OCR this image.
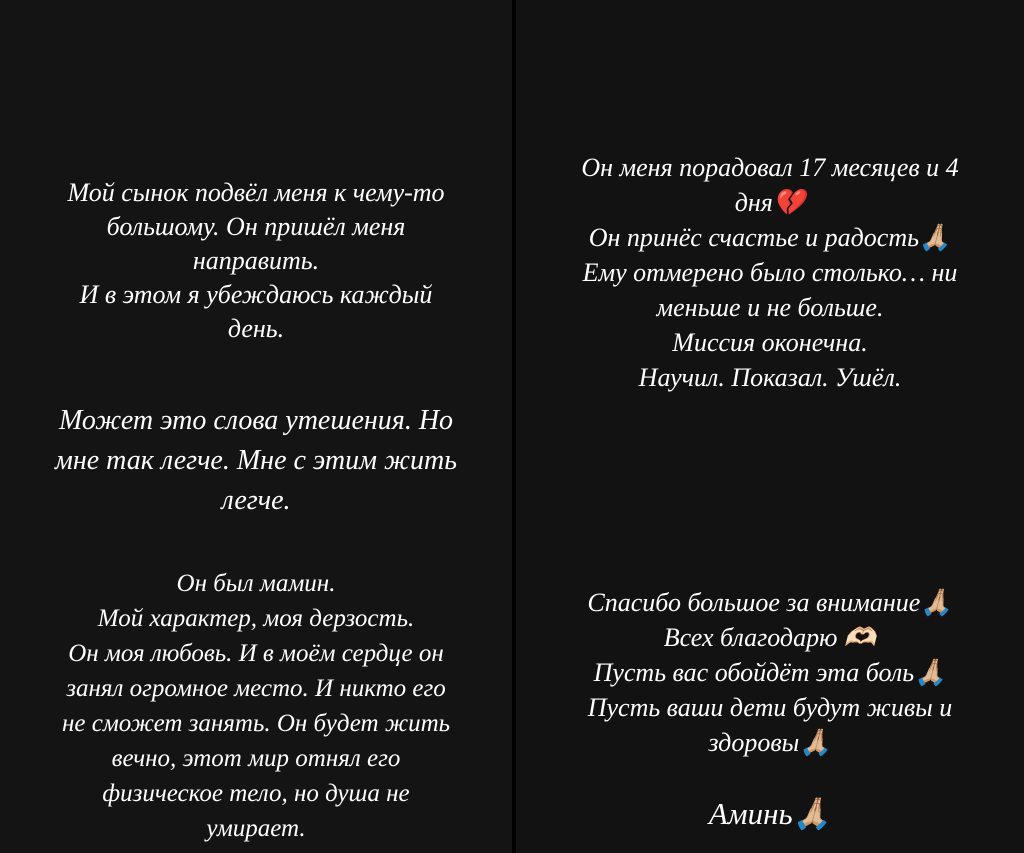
Мой сынок подвёл меня к чему-то
большому. Он пришёл меня
направить.
И в этом я убеждаюсь каждый
день.
Может это слова утешения. Но
мне так легче. Мне с этим жить
легче.
Он был мамин.
Мой характер, моя дерзость.
Он моя любовь. И в моём сердце он
занял огромное место. И никто его
не сможет занять. Он будет жить
вечно, этот мир отнял его
физическое тело, но душа не
умирает.
Он меня порадовал 17 месяцев и 4
дня💔
Он принёс счастье и радость🙏🏼
Ему отмерено было столько… ни
меньше и не больше.
Миссия оконечна.
Научил. Показал. Ушёл.
Спасибо большое за внимание🙏🏼
Всех благодарю 🫶🏻
Пусть вас обойдёт эта боль🙏🏼
Пусть ваши дети будут живы и
здоровы🙏🏼
Аминь🙏🏼
